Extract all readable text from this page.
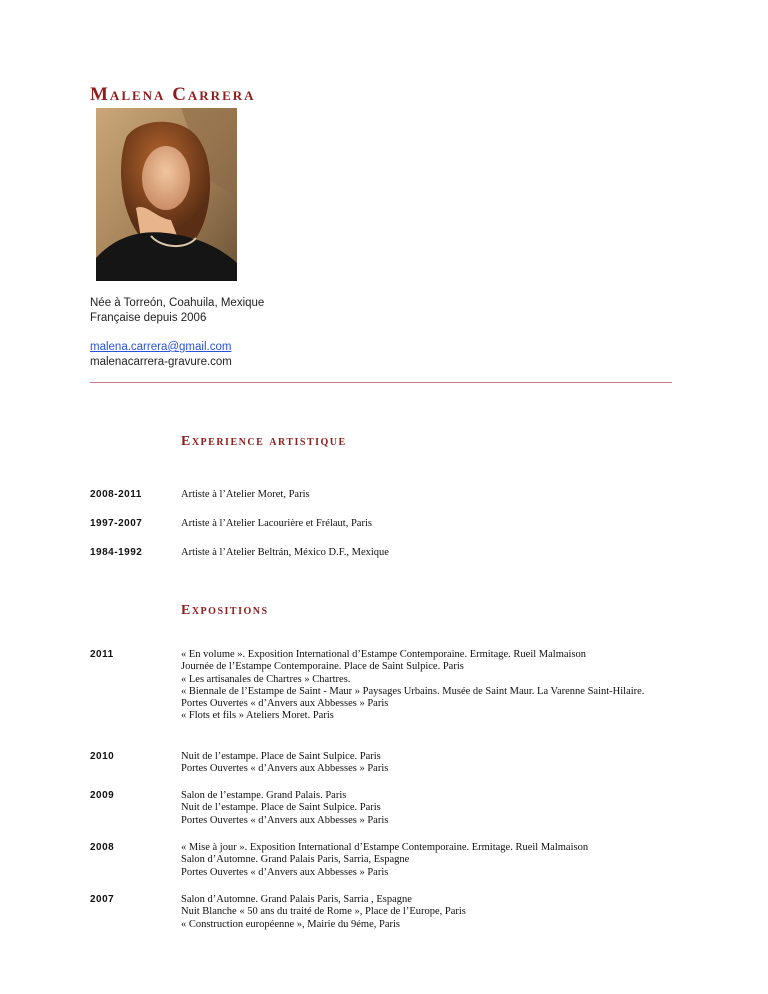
Malena Carrera
Née à Torreón, Coahuila, Mexique
Française depuis 2006
malena.carrera@gmail.com
malenacarrera-gravure.com
Experience artistique
2008-2011	Artiste à l’Atelier Moret, Paris
1997-2007	Artiste à l’Atelier Lacourière et Frélaut, Paris
1984-1992	Artiste à l’Atelier Beltrán, México D.F., Mexique
Expositions
2011	« En volume ». Exposition International d’Estampe Contemporaine. Ermitage. Rueil Malmaison
Journée de l’Estampe Contemporaine. Place de Saint Sulpice. Paris
« Les artisanales de Chartres » Chartres.
« Biennale de l’Estampe de Saint - Maur » Paysages Urbains. Musée de Saint Maur. La Varenne Saint-Hilaire.
Portes Ouvertes « d’Anvers aux Abbesses » Paris
« Flots et fils » Ateliers Moret. Paris
2010	Nuit de l’estampe. Place de Saint Sulpice. Paris
Portes Ouvertes « d’Anvers aux Abbesses » Paris
2009	Salon de l’estampe. Grand Palais. Paris
Nuit de l’estampe. Place de Saint Sulpice. Paris
Portes Ouvertes « d’Anvers aux Abbesses » Paris
2008	« Mise à jour ». Exposition International d’Estampe Contemporaine. Ermitage. Rueil Malmaison
Salon d’Automne. Grand Palais Paris, Sarria, Espagne
Portes Ouvertes « d’Anvers aux Abbesses » Paris
2007	Salon d’Automne. Grand Palais Paris, Sarria , Espagne
Nuit Blanche « 50 ans du traité de Rome », Place de l’Europe, Paris
« Construction européenne », Mairie du 9éme, Paris
